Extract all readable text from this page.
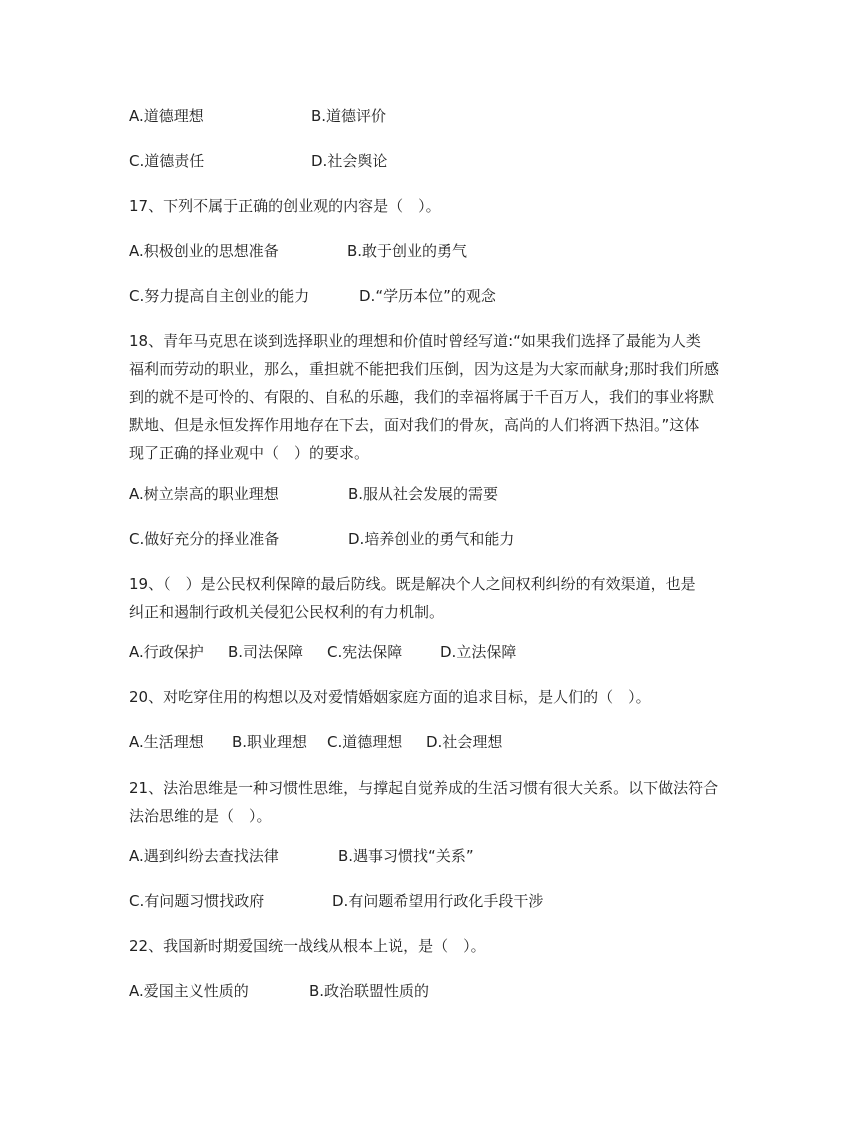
A.道德理想	B.道德评价
C.道德责任	D.社会舆论
17、下列不属于正确的创业观的内容是（　）。
A.积极创业的思想准备	B.敢于创业的勇气
C.努力提高自主创业的能力	D.“学历本位”的观念
18、青年马克思在谈到选择职业的理想和价值时曾经写道:“如果我们选择了最能为人类
福利而劳动的职业，那么，重担就不能把我们压倒，因为这是为大家而献身;那时我们所感
到的就不是可怜的、有限的、自私的乐趣，我们的幸福将属于千百万人，我们的事业将默
默地、但是永恒发挥作用地存在下去，面对我们的骨灰，高尚的人们将洒下热泪。”这体
现了正确的择业观中（　）的要求。
A.树立崇高的职业理想	B.服从社会发展的需要
C.做好充分的择业准备	D.培养创业的勇气和能力
19、（　）是公民权利保障的最后防线。既是解决个人之间权利纠纷的有效渠道，也是
纠正和遏制行政机关侵犯公民权利的有力机制。
A.行政保护 B.司法保障 C.宪法保障	D.立法保障
20、对吃穿住用的构想以及对爱情婚姻家庭方面的追求目标，是人们的（　）。
A.生活理想 B.职业理想 C.道德理想 D.社会理想
21、法治思维是一种习惯性思维，与撑起自觉养成的生活习惯有很大关系。以下做法符合
法治思维的是（　）。
A.遇到纠纷去查找法律	B.遇事习惯找“关系”
C.有问题习惯找政府	D.有问题希望用行政化手段干涉
22、我国新时期爱国统一战线从根本上说，是（　）。
A.爱国主义性质的	B.政治联盟性质的
